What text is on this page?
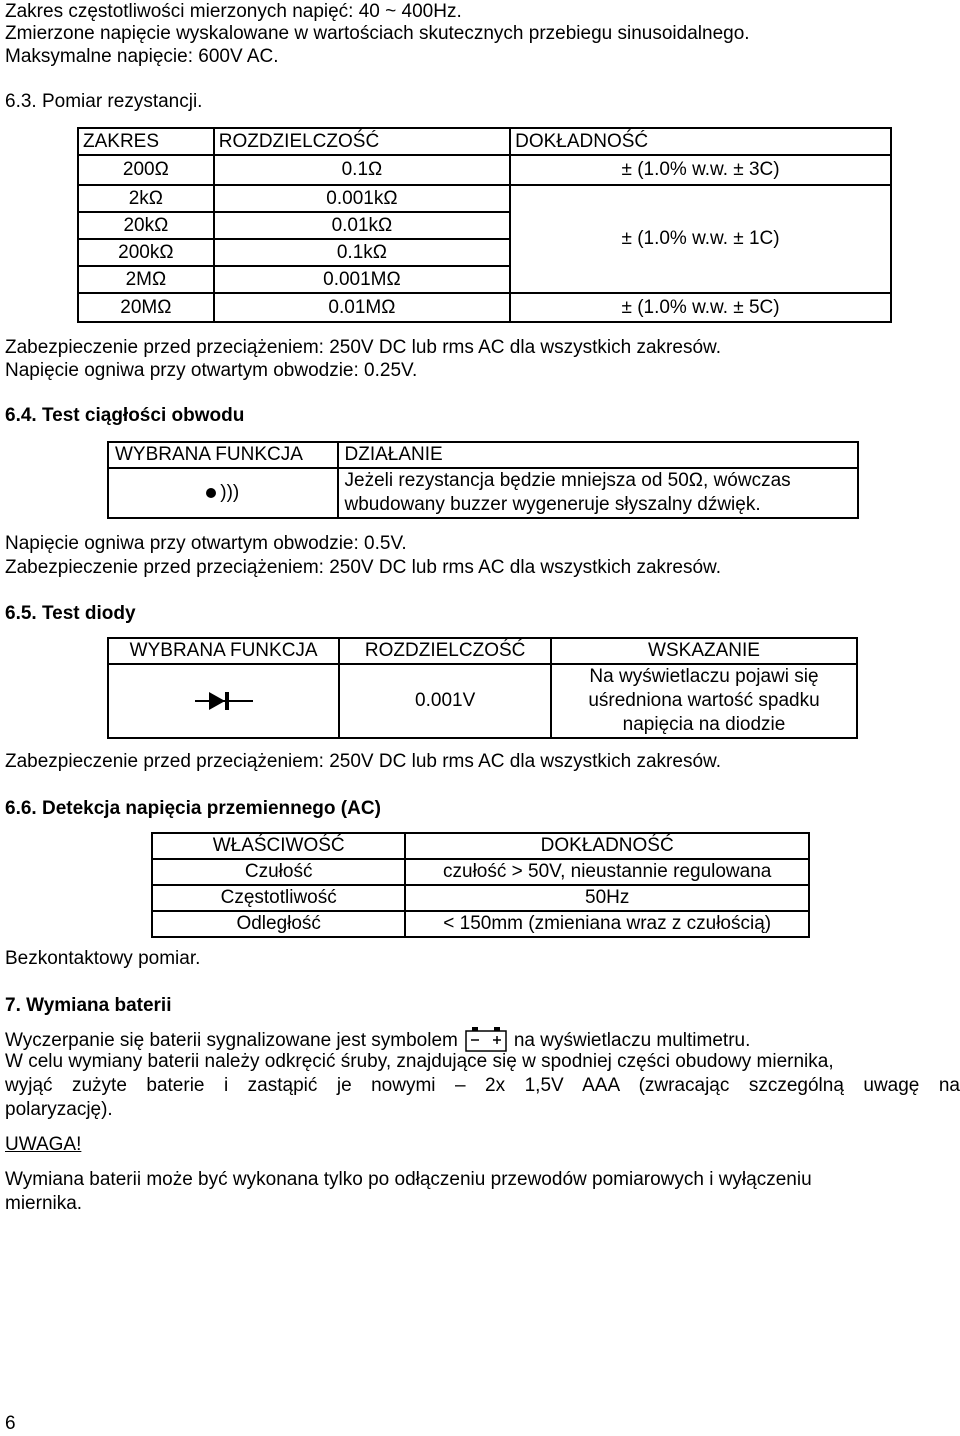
Zakres częstotliwości mierzonych napięć: 40 ~ 400Hz.
Zmierzone napięcie wyskalowane w wartościach skutecznych przebiegu sinusoidalnego.
Maksymalne napięcie: 600V AC.
6.3. Pomiar rezystancji.
ZAKRES	ROZDZIELCZOŚĆ	DOKŁADNOŚĆ
200Ω	0.1Ω	± (1.0% w.w. ± 3C)
2kΩ	0.001kΩ	± (1.0% w.w. ± 1C)
20kΩ	0.01kΩ	
200kΩ	0.1kΩ	
2MΩ	0.001MΩ	
20MΩ	0.01MΩ	± (1.0% w.w. ± 5C)
Zabezpieczenie przed przeciążeniem: 250V DC lub rms AC dla wszystkich zakresów.
Napięcie ogniwa przy otwartym obwodzie: 0.25V.
6.4. Test ciągłości obwodu
WYBRANA FUNKCJA	DZIAŁANIE

)))	Jeżeli rezystancja będzie mniejsza od 50Ω, wówczas
wbudowany buzzer wygeneruje słyszalny dźwięk.
Napięcie ogniwa przy otwartym obwodzie: 0.5V.
Zabezpieczenie przed przeciążeniem: 250V DC lub rms AC dla wszystkich zakresów.
6.5. Test diody
WYBRANA FUNKCJA	ROZDZIELCZOŚĆ	WSKAZANIE
	0.001V	Na wyświetlaczu pojawi się
uśredniona wartość spadku
napięcia na diodzie
Zabezpieczenie przed przeciążeniem: 250V DC lub rms AC dla wszystkich zakresów.
6.6. Detekcja napięcia przemiennego (AC)
WŁAŚCIWOŚĆ	DOKŁADNOŚĆ
Czułość	czułość > 50V, nieustannie regulowana
Częstotliwość	50Hz
Odległość	< 150mm (zmieniana wraz z czułością)
Bezkontaktowy pomiar.
7. Wymiana baterii
Wyczerpanie się baterii sygnalizowane jest symbolem	na wyświetlaczu multimetru.
W celu wymiany baterii należy odkręcić śruby, znajdujące się w spodniej części obudowy miernika,
wyjąć zużyte baterie i zastąpić je nowymi – 2x 1,5V AAA (zwracając szczególną uwagę na
polaryzację).
UWAGA!
Wymiana baterii może być wykonana tylko po odłączeniu przewodów pomiarowych i wyłączeniu
miernika.
6
